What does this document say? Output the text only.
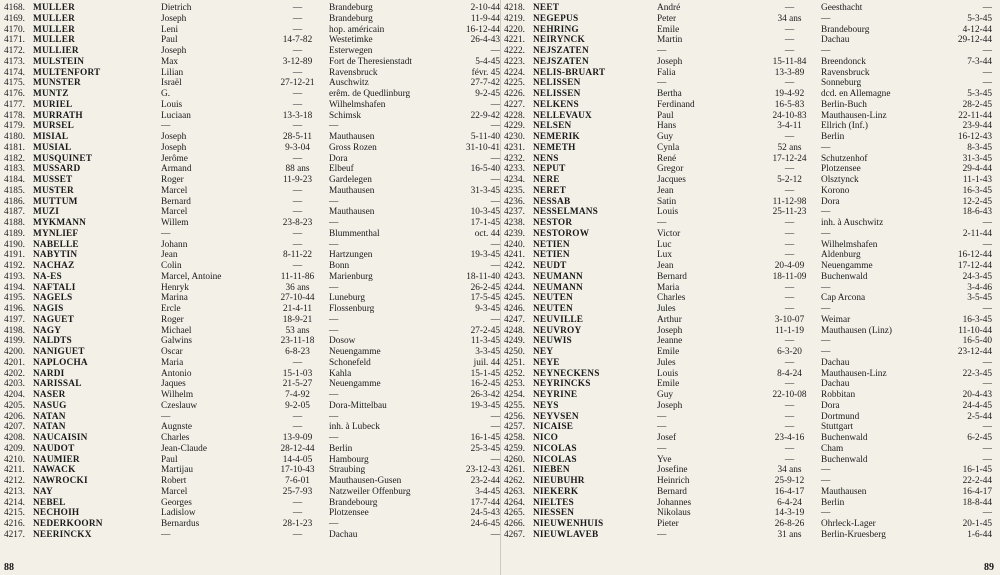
4168. MULLER	Dietrich	—	Brandeburg	2-10-44
4169. MULLER	Joseph	—	Brandeburg	11-9-44
4170. MULLER	Leni	—	hop. américain	16-12-44
4171. MULLER	Paul	14-7-82	Westetimke	26-4-43
4172. MULLIER	Joseph	—	Esterwegen	—
4173. MULSTEIN	Max	3-12-89	Fort de Theresienstadt	5-4-45
4174. MULTENFORT	Lilian	—	Ravensbruck	févr. 45
4175. MUNSTER	Israël	27-12-21	Auschwitz	27-7-42
4176. MUNTZ	G.	—	erêm. de Quedlinburg	9-2-45
4177. MURIEL	Louis	—	Wilhelmshafen	—
4178. MURRATH	Luciaan	13-3-18	Schimsk	22-9-42
4179. MURSEL	—	—	—	—
4180. MISIAL	Joseph	28-5-11	Mauthausen	5-11-40
4181. MUSIAL	Joseph	9-3-04	Gross Rozen	31-10-41
4182. MUSQUINET	Jerôme	—	Dora	—
4183. MUSSARD	Armand	88 ans	Elbeuf	16-5-40
4184. MUSSET	Roger	11-9-23	Gardelegen	—
4185. MUSTER	Marcel	—	Mauthausen	31-3-45
4186. MUTTUM	Bernard	—	—	—
4187. MUZI	Marcel	—	Mauthausen	10-3-45
4188. MYKMANN	Willem	23-8-23	—	17-1-45
4189. MYNLIEF	—	—	Blummenthal	oct. 44
4190. NABELLE	Johann	—	—	—
4191. NABYTIN	Jean	8-11-22	Hartzungen	19-3-45
4192. NACHAZ	Colin	—	Bonn	—
4193. NA-ES	Marcel, Antoine	11-11-86	Marienburg	18-11-40
4194. NAFTALI	Henryk	36 ans	—	26-2-45
4195. NAGELS	Marina	27-10-44	Luneburg	17-5-45
4196. NAGIS	Ercle	21-4-11	Flossenburg	9-3-45
4197. NAGUET	Roger	18-9-21	—	—
4198. NAGY	Michael	53 ans	—	27-2-45
4199. NALDTS	Galwins	23-11-18	Dosow	11-3-45
4200. NANIGUET	Oscar	6-8-23	Neuengamme	3-3-45
4201. NAPLOCHA	Maria	—	Schonefeld	juil. 44
4202. NARDI	Antonio	15-1-03	Kahla	15-1-45
4203. NARISSAL	Jaques	21-5-27	Neuengamme	16-2-45
4204. NASER	Wilhelm	7-4-92	—	26-3-42
4205. NASUG	Czeslauw	9-2-05	Dora-Mittelbau	19-3-45
4206. NATAN	—	—	—	—
4207. NATAN	Augnste	—	inh. à Lubeck	—
4208. NAUCAISIN	Charles	13-9-09	—	16-1-45
4209. NAUDOT	Jean-Claude	28-12-44	Berlin	25-3-45
4210. NAUMIER	Paul	14-4-05	Hambourg	—
4211. NAWACK	Martijau	17-10-43	Straubing	23-12-43
4212. NAWROCKI	Robert	7-6-01	Mauthausen-Gusen	23-2-44
4213. NAY	Marcel	25-7-93	Natzweiler Offenburg	3-4-45
4214. NEBEL	Georges	—	Brandebourg	17-7-44
4215. NECHOIH	Ladislow	—	Plotzensee	24-5-43
4216. NEDERKOORN	Bernardus	28-1-23	—	24-6-45
4217. NEERINCKX	—	—	Dachau	—
4218. NEET	André	—	Geesthacht	—
4219. NEGEPUS	Peter	34 ans	—	5-3-45
4220. NEHRING	Emile	—	Brandebourg	4-12-44
4221. NEIRYNCK	Martin	—	Dachau	29-12-44
4222. NEJSZATEN	—	—	—	—
4223. NEJSZATEN	Joseph	15-11-84	Breendonck	7-3-44
4224. NELIS-BRUART	Falia	13-3-89	Ravensbruck	—
4225. NELISSEN	—	—	Sonneburg	—
4226. NELISSEN	Bertha	19-4-92	dcd. en Allemagne	5-3-45
4227. NELKENS	Ferdinand	16-5-83	Berlin-Buch	28-2-45
4228. NELLEVAUX	Paul	24-10-83	Mauthausen-Linz	22-11-44
4229. NELSEN	Hans	3-4-11	Ellrich (Inf.)	23-9-44
4230. NEMERIK	Guy	—	Berlin	16-12-43
4231. NEMETH	Cynla	52 ans	—	8-3-45
4232. NENS	René	17-12-24	Schutzenhof	31-3-45
4233. NEPUT	Gregor	—	Plotzensee	29-4-44
4234. NERE	Jacques	5-2-12	Olsztynck	11-1-43
4235. NERET	Jean	—	Korono	16-3-45
4236. NESSAB	Satin	11-12-98	Dora	12-2-45
4237. NESSELMANS	Louis	25-11-23	—	18-6-43
4238. NESTOR	—	—	inh. à Auschwitz	—
4239. NESTOROW	Victor	—	—	2-11-44
4240. NETIEN	Luc	—	Wilhelmshafen	—
4241. NETIEN	Lux	—	Aldenburg	16-12-44
4242. NEUDT	Jean	20-4-09	Neuengamme	17-12-44
4243. NEUMANN	Bernard	18-11-09	Buchenwald	24-3-45
4244. NEUMANN	Maria	—	—	3-4-46
4245. NEUTEN	Charles	—	Cap Arcona	3-5-45
4246. NEUTEN	Jules	—	—	—
4247. NEUVILLE	Arthur	3-10-07	Weimar	16-3-45
4248. NEUVROY	Joseph	11-1-19	Mauthausen (Linz)	11-10-44
4249. NEUWIS	Jeanne	—	—	16-5-40
4250. NEY	Emile	6-3-20	—	23-12-44
4251. NEYE	Jules	—	Dachau	—
4252. NEYNECKENS	Louis	8-4-24	Mauthausen-Linz	22-3-45
4253. NEYRINCKS	Emile	—	Dachau	—
4254. NEYRINE	Guy	22-10-08	Robbitan	20-4-43
4255. NEYS	Joseph	—	Dora	24-4-45
4256. NEYVSEN	—	—	Dortmund	2-5-44
4257. NICAISE	—	—	Stuttgart	—
4258. NICO	Josef	23-4-16	Buchenwald	6-2-45
4259. NICOLAS	—	—	Cham	—
4260. NICOLAS	Yve	—	Buchenwald	—
4261. NIEBEN	Josefine	34 ans	—	16-1-45
4262. NIEUBUHR	Heinrich	25-9-12	—	22-2-44
4263. NIEKERK	Bernard	16-4-17	Mauthausen	16-4-17
4264. NIELTES	Johannes	6-4-24	Berlin	18-8-44
4265. NIESSEN	Nikolaus	14-3-19	—	—
4266. NIEUWENHUIS	Pieter	26-8-26	Ohrleck-Lager	20-1-45
4267. NIEUWLAVEB	—	31 ans	Berlin-Kruesberg	1-6-44
88	89
